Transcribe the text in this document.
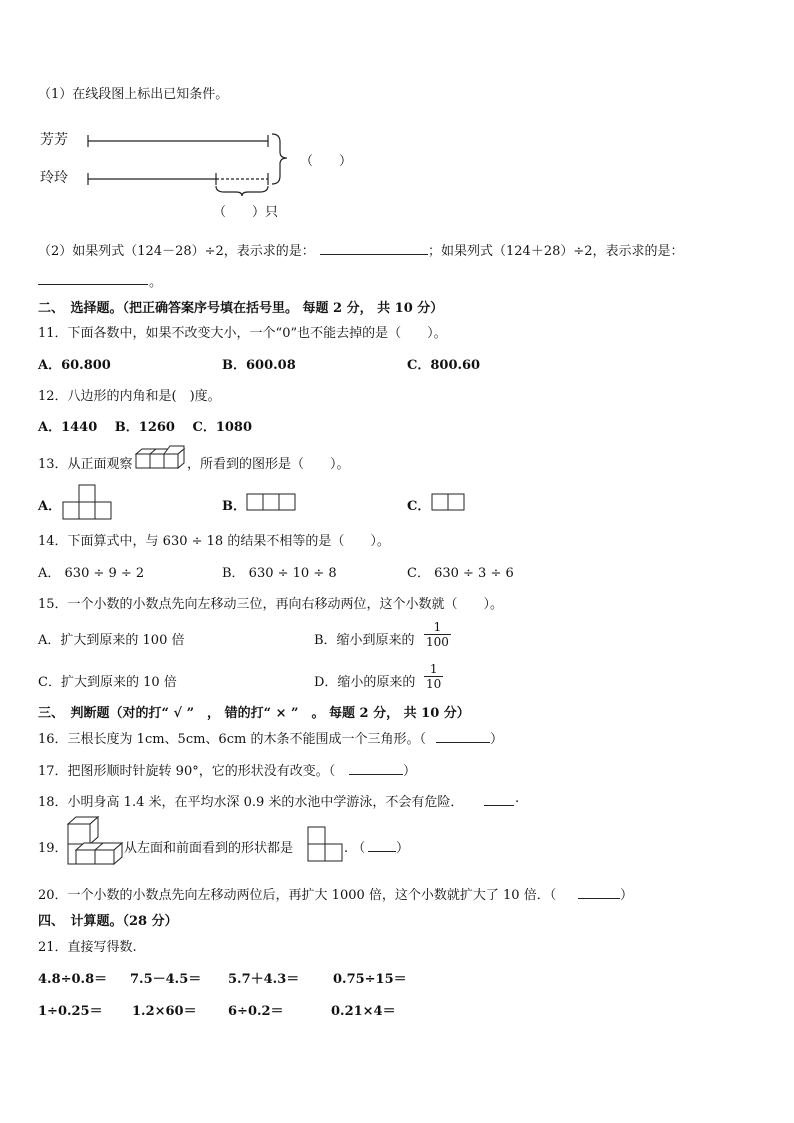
（1）在线段图上标出已知条件。
芳芳
玲玲
（　　）
（　　）只
（2）如果列式（124－28）÷2，表示求的是：	；如果列式（124＋28）÷2，表示求的是：
。
二、　选择题。（把正确答案序号填在括号里。 每题 2 分， 共 10 分）
11．下面各数中，如果不改变大小，一个“0”也不能去掉的是（　　）。
A．60.800	B．600.08	C．800.60
12．八边形的内角和是(　)度。
A．1440　 B．1260　 C．1080
13．从正面观察	，所看到的图形是（　　）。
A．	B．	C．
14．下面算式中，与 630 ÷ 18 的结果不相等的是（　　）。
A． 630 ÷ 9 ÷ 2	B． 630 ÷ 10 ÷ 8	C． 630 ÷ 3 ÷ 6
15．一个小数的小数点先向左移动三位，再向右移动两位，这个小数就（　　）。
A．扩大到原来的 100 倍	B．缩小到原来的 $\frac{1}{100}$
C．扩大到原来的 10 倍	D．缩小的原来的 $\frac{1}{10}$
三、　判断题（对的打“ √ ”　， 错的打“ × ”　。 每题 2 分， 共 10 分）
16．三根长度为 1cm、5cm、6cm 的木条不能围成一个三角形。（	）
17．把图形顺时针旋转 90°，它的形状没有改变。（	）
18．小明身高 1.4 米，在平均水深 0.9 米的水池中学游泳，不会有危险．	.
19．	从左面和前面看到的形状都是	. （ ）
20．一个小数的小数点先向左移动两位后，再扩大 1000 倍，这个小数就扩大了 10 倍．（	）
四、　计算题。（28 分）
21．直接写得数.
4.8÷0.8＝ 7.5－4.5＝ 5.7＋4.3＝	0.75÷15＝
1÷0.25＝ 1.2×60＝ 6÷0.2＝	0.21×4＝
